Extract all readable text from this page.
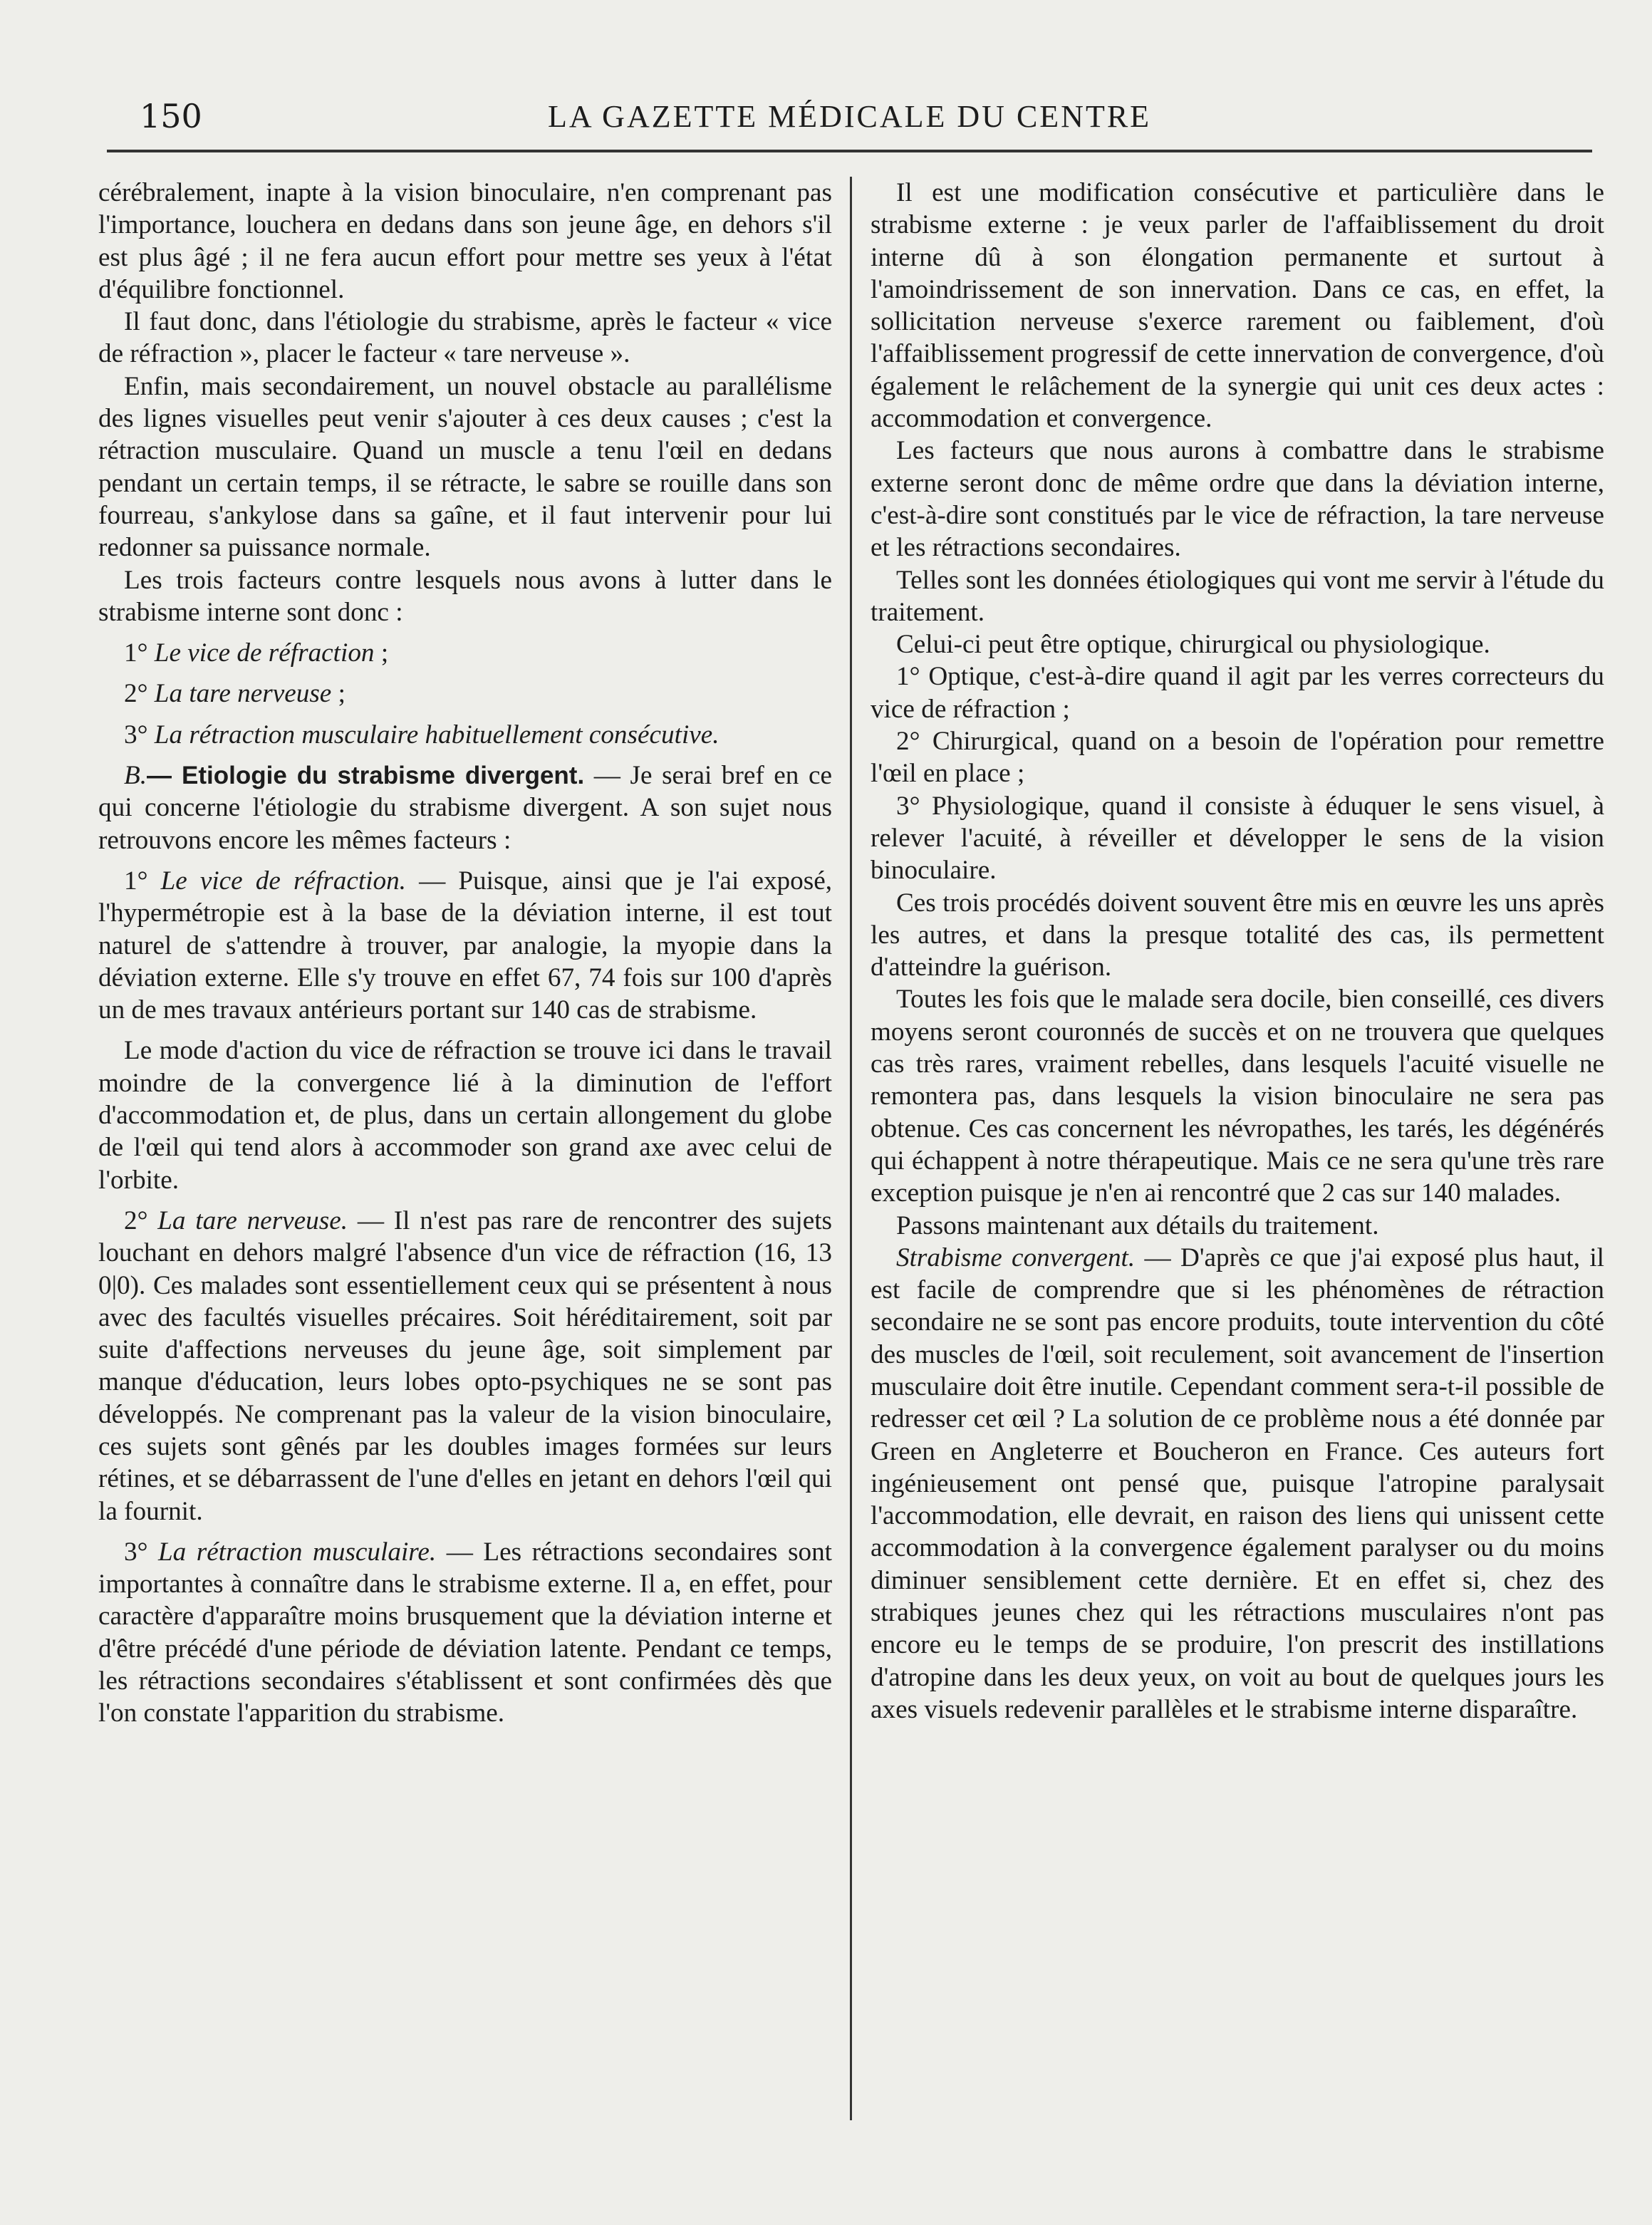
150	LA GAZETTE MÉDICALE DU CENTRE

cérébralement, inapte à la vision binoculaire, n'en comprenant pas l'importance, louchera en dedans dans son jeune âge, en dehors s'il est plus âgé ; il ne fera aucun effort pour mettre ses yeux à l'état d'équilibre fonctionnel.

Il faut donc, dans l'étiologie du strabisme, après le facteur « vice de réfraction », placer le facteur « tare nerveuse ».

Enfin, mais secondairement, un nouvel obstacle au parallélisme des lignes visuelles peut venir s'ajouter à ces deux causes ; c'est la rétraction musculaire. Quand un muscle a tenu l'œil en dedans pendant un certain temps, il se rétracte, le sabre se rouille dans son fourreau, s'ankylose dans sa gaîne, et il faut intervenir pour lui redonner sa puissance normale.

Les trois facteurs contre lesquels nous avons à lutter dans le strabisme interne sont donc :

1° Le vice de réfraction ;

2° La tare nerveuse ;

3° La rétraction musculaire habituellement consécutive.

B.— Etiologie du strabisme divergent. — Je serai bref en ce qui concerne l'étiologie du strabisme divergent. A son sujet nous retrouvons encore les mêmes facteurs :

1° Le vice de réfraction. — Puisque, ainsi que je l'ai exposé, l'hypermétropie est à la base de la déviation interne, il est tout naturel de s'attendre à trouver, par analogie, la myopie dans la déviation externe. Elle s'y trouve en effet 67, 74 fois sur 100 d'après un de mes travaux antérieurs portant sur 140 cas de strabisme.

Le mode d'action du vice de réfraction se trouve ici dans le travail moindre de la convergence lié à la diminution de l'effort d'accommodation et, de plus, dans un certain allongement du globe de l'œil qui tend alors à accommoder son grand axe avec celui de l'orbite.

2° La tare nerveuse. — Il n'est pas rare de rencontrer des sujets louchant en dehors malgré l'absence d'un vice de réfraction (16, 13 0|0). Ces malades sont essentiellement ceux qui se présentent à nous avec des facultés visuelles précaires. Soit héréditairement, soit par suite d'affections nerveuses du jeune âge, soit simplement par manque d'éducation, leurs lobes opto-psychiques ne se sont pas développés. Ne comprenant pas la valeur de la vision binoculaire, ces sujets sont gênés par les doubles images formées sur leurs rétines, et se débarrassent de l'une d'elles en jetant en dehors l'œil qui la fournit.

3° La rétraction musculaire. — Les rétractions secondaires sont importantes à connaître dans le strabisme externe. Il a, en effet, pour caractère d'apparaître moins brusquement que la déviation interne et d'être précédé d'une période de déviation latente. Pendant ce temps, les rétractions secondaires s'établissent et sont confirmées dès que l'on constate l'apparition du strabisme.

Il est une modification consécutive et particulière dans le strabisme externe : je veux parler de l'affaiblissement du droit interne dû à son élongation permanente et surtout à l'amoindrissement de son innervation. Dans ce cas, en effet, la sollicitation nerveuse s'exerce rarement ou faiblement, d'où l'affaiblissement progressif de cette innervation de convergence, d'où également le relâchement de la synergie qui unit ces deux actes : accommodation et convergence.

Les facteurs que nous aurons à combattre dans le strabisme externe seront donc de même ordre que dans la déviation interne, c'est-à-dire sont constitués par le vice de réfraction, la tare nerveuse et les rétractions secondaires.

Telles sont les données étiologiques qui vont me servir à l'étude du traitement.

Celui-ci peut être optique, chirurgical ou physiologique.

1° Optique, c'est-à-dire quand il agit par les verres correcteurs du vice de réfraction ;

2° Chirurgical, quand on a besoin de l'opération pour remettre l'œil en place ;

3° Physiologique, quand il consiste à éduquer le sens visuel, à relever l'acuité, à réveiller et développer le sens de la vision binoculaire.

Ces trois procédés doivent souvent être mis en œuvre les uns après les autres, et dans la presque totalité des cas, ils permettent d'atteindre la guérison.

Toutes les fois que le malade sera docile, bien conseillé, ces divers moyens seront couronnés de succès et on ne trouvera que quelques cas très rares, vraiment rebelles, dans lesquels l'acuité visuelle ne remontera pas, dans lesquels la vision binoculaire ne sera pas obtenue. Ces cas concernent les névropathes, les tarés, les dégénérés qui échappent à notre thérapeutique. Mais ce ne sera qu'une très rare exception puisque je n'en ai rencontré que 2 cas sur 140 malades.

Passons maintenant aux détails du traitement.

Strabisme convergent. — D'après ce que j'ai exposé plus haut, il est facile de comprendre que si les phénomènes de rétraction secondaire ne se sont pas encore produits, toute intervention du côté des muscles de l'œil, soit reculement, soit avancement de l'insertion musculaire doit être inutile. Cependant comment sera-t-il possible de redresser cet œil ? La solution de ce problème nous a été donnée par Green en Angleterre et Boucheron en France. Ces auteurs fort ingénieusement ont pensé que, puisque l'atropine paralysait l'accommodation, elle devrait, en raison des liens qui unissent cette accommodation à la convergence également paralyser ou du moins diminuer sensiblement cette dernière. Et en effet si, chez des strabiques jeunes chez qui les rétractions musculaires n'ont pas encore eu le temps de se produire, l'on prescrit des instillations d'atropine dans les deux yeux, on voit au bout de quelques jours les axes visuels redevenir parallèles et le strabisme interne disparaître.
